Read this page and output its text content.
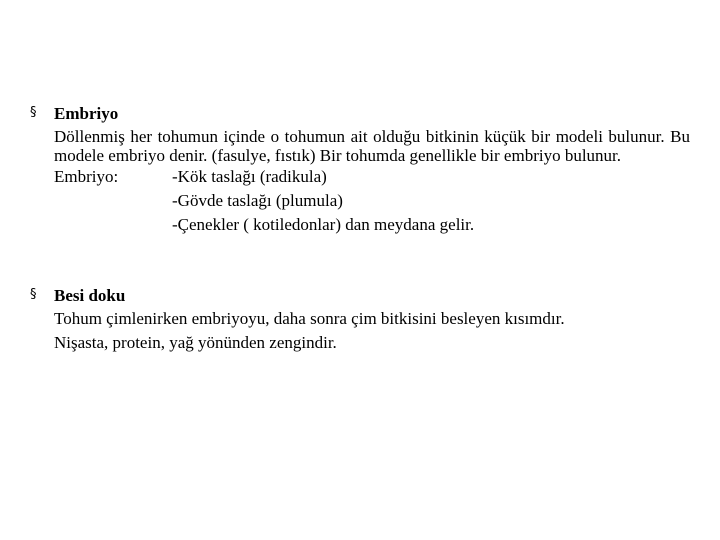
§ Embriyo
Döllenmiş her tohumun içinde o tohumun ait olduğu bitkinin küçük bir modeli bulunur. Bu modele embriyo denir. (fasulye, fıstık) Bir tohumda genellikle bir embriyo bulunur.
Embriyo:	-Kök taslağı (radikula)
-Gövde taslağı (plumula)
-Çenekler ( kotiledonlar) dan meydana gelir.
§ Besi doku
Tohum çimlenirken embriyoyu, daha sonra çim bitkisini besleyen kısımdır.
Nişasta, protein, yağ yönünden zengindir.
